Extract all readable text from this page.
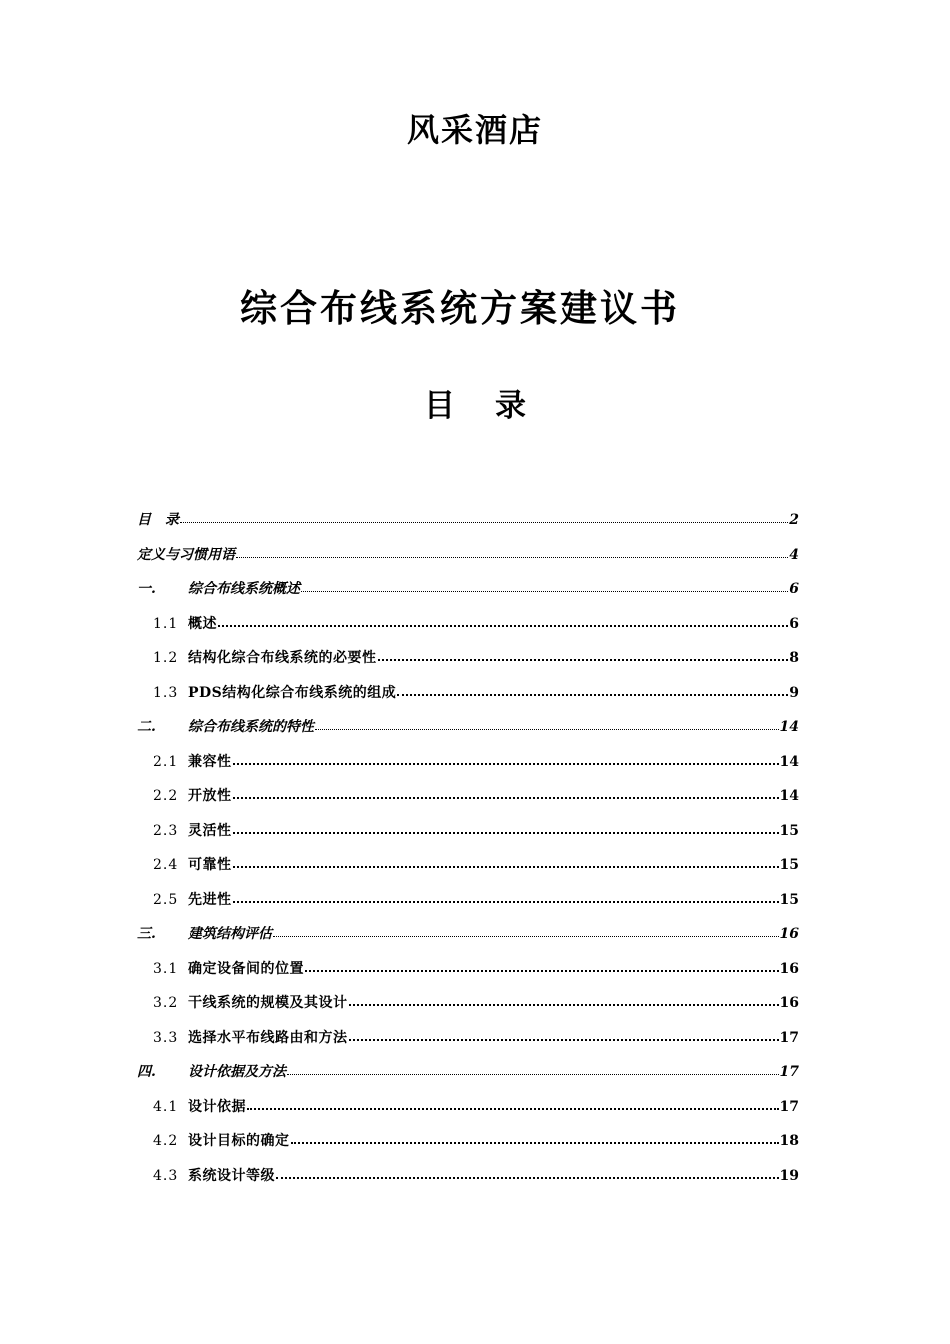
风采酒店
综合布线系统方案建议书
目 录
目　录	2
定义与习惯用语	4
一.	综合布线系统概述	6
1.1 概述	6
1.2 结构化综合布线系统的必要性	8
1.3 PDS结构化综合布线系统的组成	9
二.	综合布线系统的特性	14
2.1 兼容性	14
2.2 开放性	14
2.3 灵活性	15
2.4 可靠性	15
2.5 先进性	15
三.	建筑结构评估	16
3.1 确定设备间的位置	16
3.2 干线系统的规模及其设计	16
3.3 选择水平布线路由和方法	17
四.	设计依据及方法	17
4.1 设计依据	17
4.2 设计目标的确定	18
4.3 系统设计等级	19
